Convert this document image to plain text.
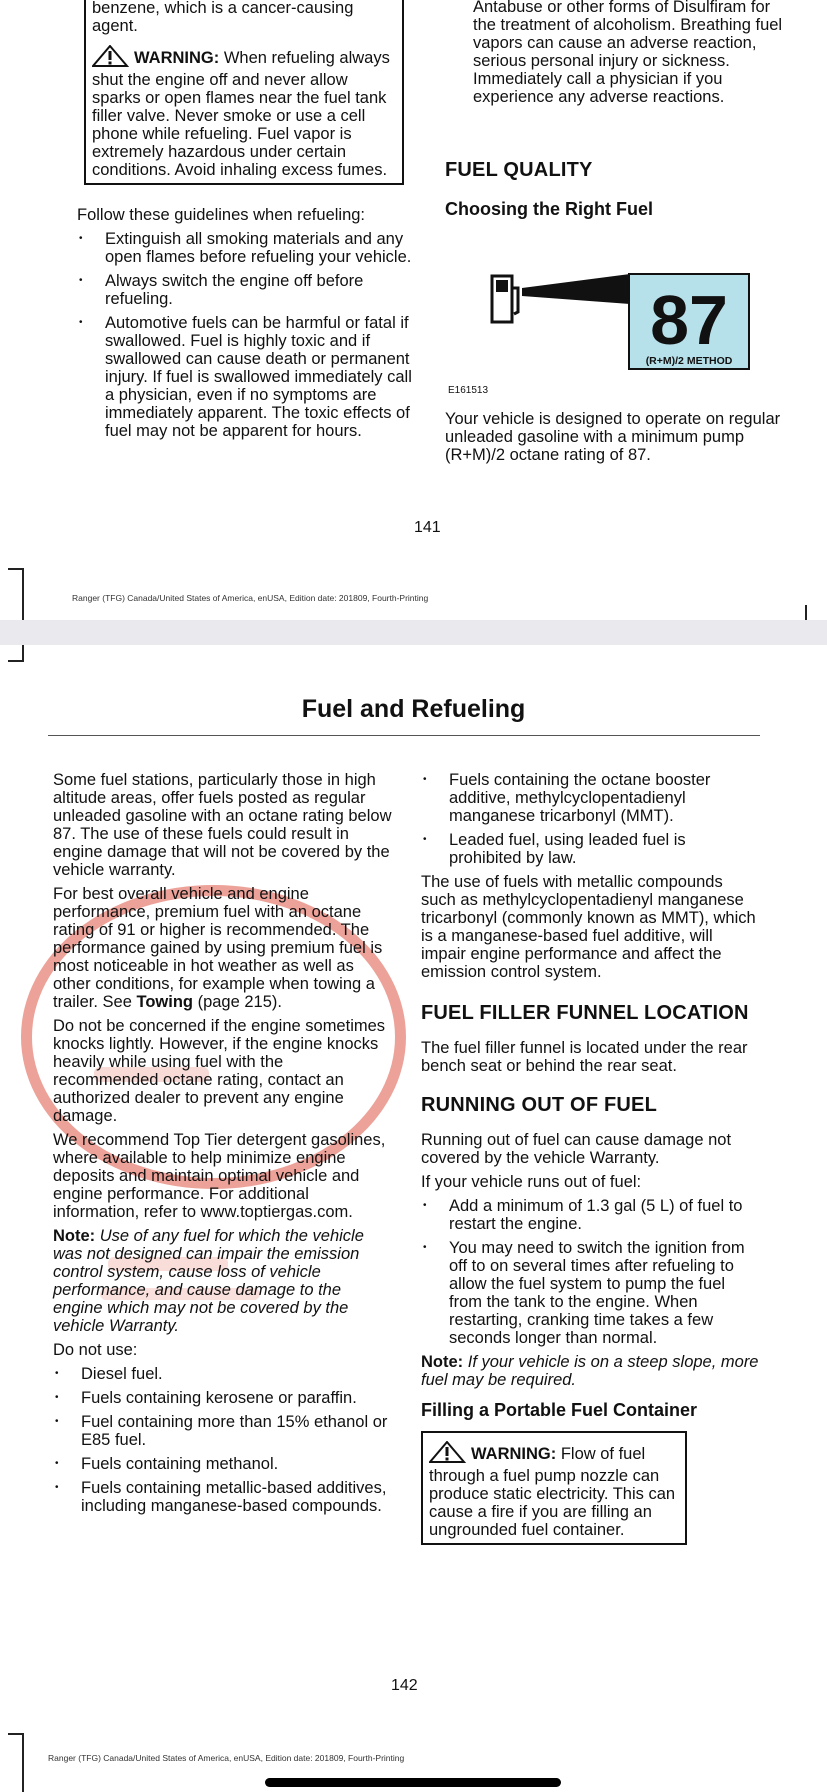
benzene, which is a cancer-causing agent.
WARNING: When refueling always shut the engine off and never allow sparks or open flames near the fuel tank filler valve. Never smoke or use a cell phone while refueling. Fuel vapor is extremely hazardous under certain conditions. Avoid inhaling excess fumes.

Follow these guidelines when refueling:

• Extinguish all smoking materials and any open flames before refueling your vehicle.
• Always switch the engine off before refueling.
• Automotive fuels can be harmful or fatal if swallowed. Fuel is highly toxic and if swallowed can cause death or permanent injury. If fuel is swallowed immediately call a physician, even if no symptoms are immediately apparent. The toxic effects of fuel may not be apparent for hours.
Antabuse or other forms of Disulfiram for the treatment of alcoholism. Breathing fuel vapors can cause an adverse reaction, serious personal injury or sickness. Immediately call a physician if you experience any adverse reactions.
FUEL QUALITY
Choosing the Right Fuel
87
(R+M)/2 METHOD
E161513
Your vehicle is designed to operate on regular unleaded gasoline with a minimum pump (R+M)/2 octane rating of 87.
141
Ranger (TFG) Canada/United States of America, enUSA, Edition date: 201809, Fourth-Printing
Fuel and Refueling

Some fuel stations, particularly those in high altitude areas, offer fuels posted as regular unleaded gasoline with an octane rating below 87. The use of these fuels could result in engine damage that will not be covered by the vehicle warranty.

For best overall vehicle and engine performance, premium fuel with an octane rating of 91 or higher is recommended. The performance gained by using premium fuel is most noticeable in hot weather as well as other conditions, for example when towing a trailer. See Towing (page 215).

Do not be concerned if the engine sometimes knocks lightly. However, if the engine knocks heavily while using fuel with the recommended octane rating, contact an authorized dealer to prevent any engine damage.

We recommend Top Tier detergent gasolines, where available to help minimize engine deposits and maintain optimal vehicle and engine performance. For additional information, refer to www.toptiergas.com.

Note: Use of any fuel for which the vehicle was not designed can impair the emission control system, cause loss of vehicle performance, and cause damage to the engine which may not be covered by the vehicle Warranty.

Do not use:

• Diesel fuel.
• Fuels containing kerosene or paraffin.
• Fuel containing more than 15% ethanol or E85 fuel.
• Fuels containing methanol.
• Fuels containing metallic-based additives, including manganese-based compounds.
• Fuels containing the octane booster additive, methylcyclopentadienyl manganese tricarbonyl (MMT).
• Leaded fuel, using leaded fuel is prohibited by law.

The use of fuels with metallic compounds such as methylcyclopentadienyl manganese tricarbonyl (commonly known as MMT), which is a manganese-based fuel additive, will impair engine performance and affect the emission control system.

FUEL FILLER FUNNEL LOCATION

The fuel filler funnel is located under the rear bench seat or behind the rear seat.

RUNNING OUT OF FUEL

Running out of fuel can cause damage not covered by the vehicle Warranty.

If your vehicle runs out of fuel:

• Add a minimum of 1.3 gal (5 L) of fuel to restart the engine.
• You may need to switch the ignition from off to on several times after refueling to allow the fuel system to pump the fuel from the tank to the engine. When restarting, cranking time takes a few seconds longer than normal.

Note: If your vehicle is on a steep slope, more fuel may be required.

Filling a Portable Fuel Container
WARNING: Flow of fuel through a fuel pump nozzle can produce static electricity. This can cause a fire if you are filling an ungrounded fuel container.
142
Ranger (TFG) Canada/United States of America, enUSA, Edition date: 201809, Fourth-Printing
